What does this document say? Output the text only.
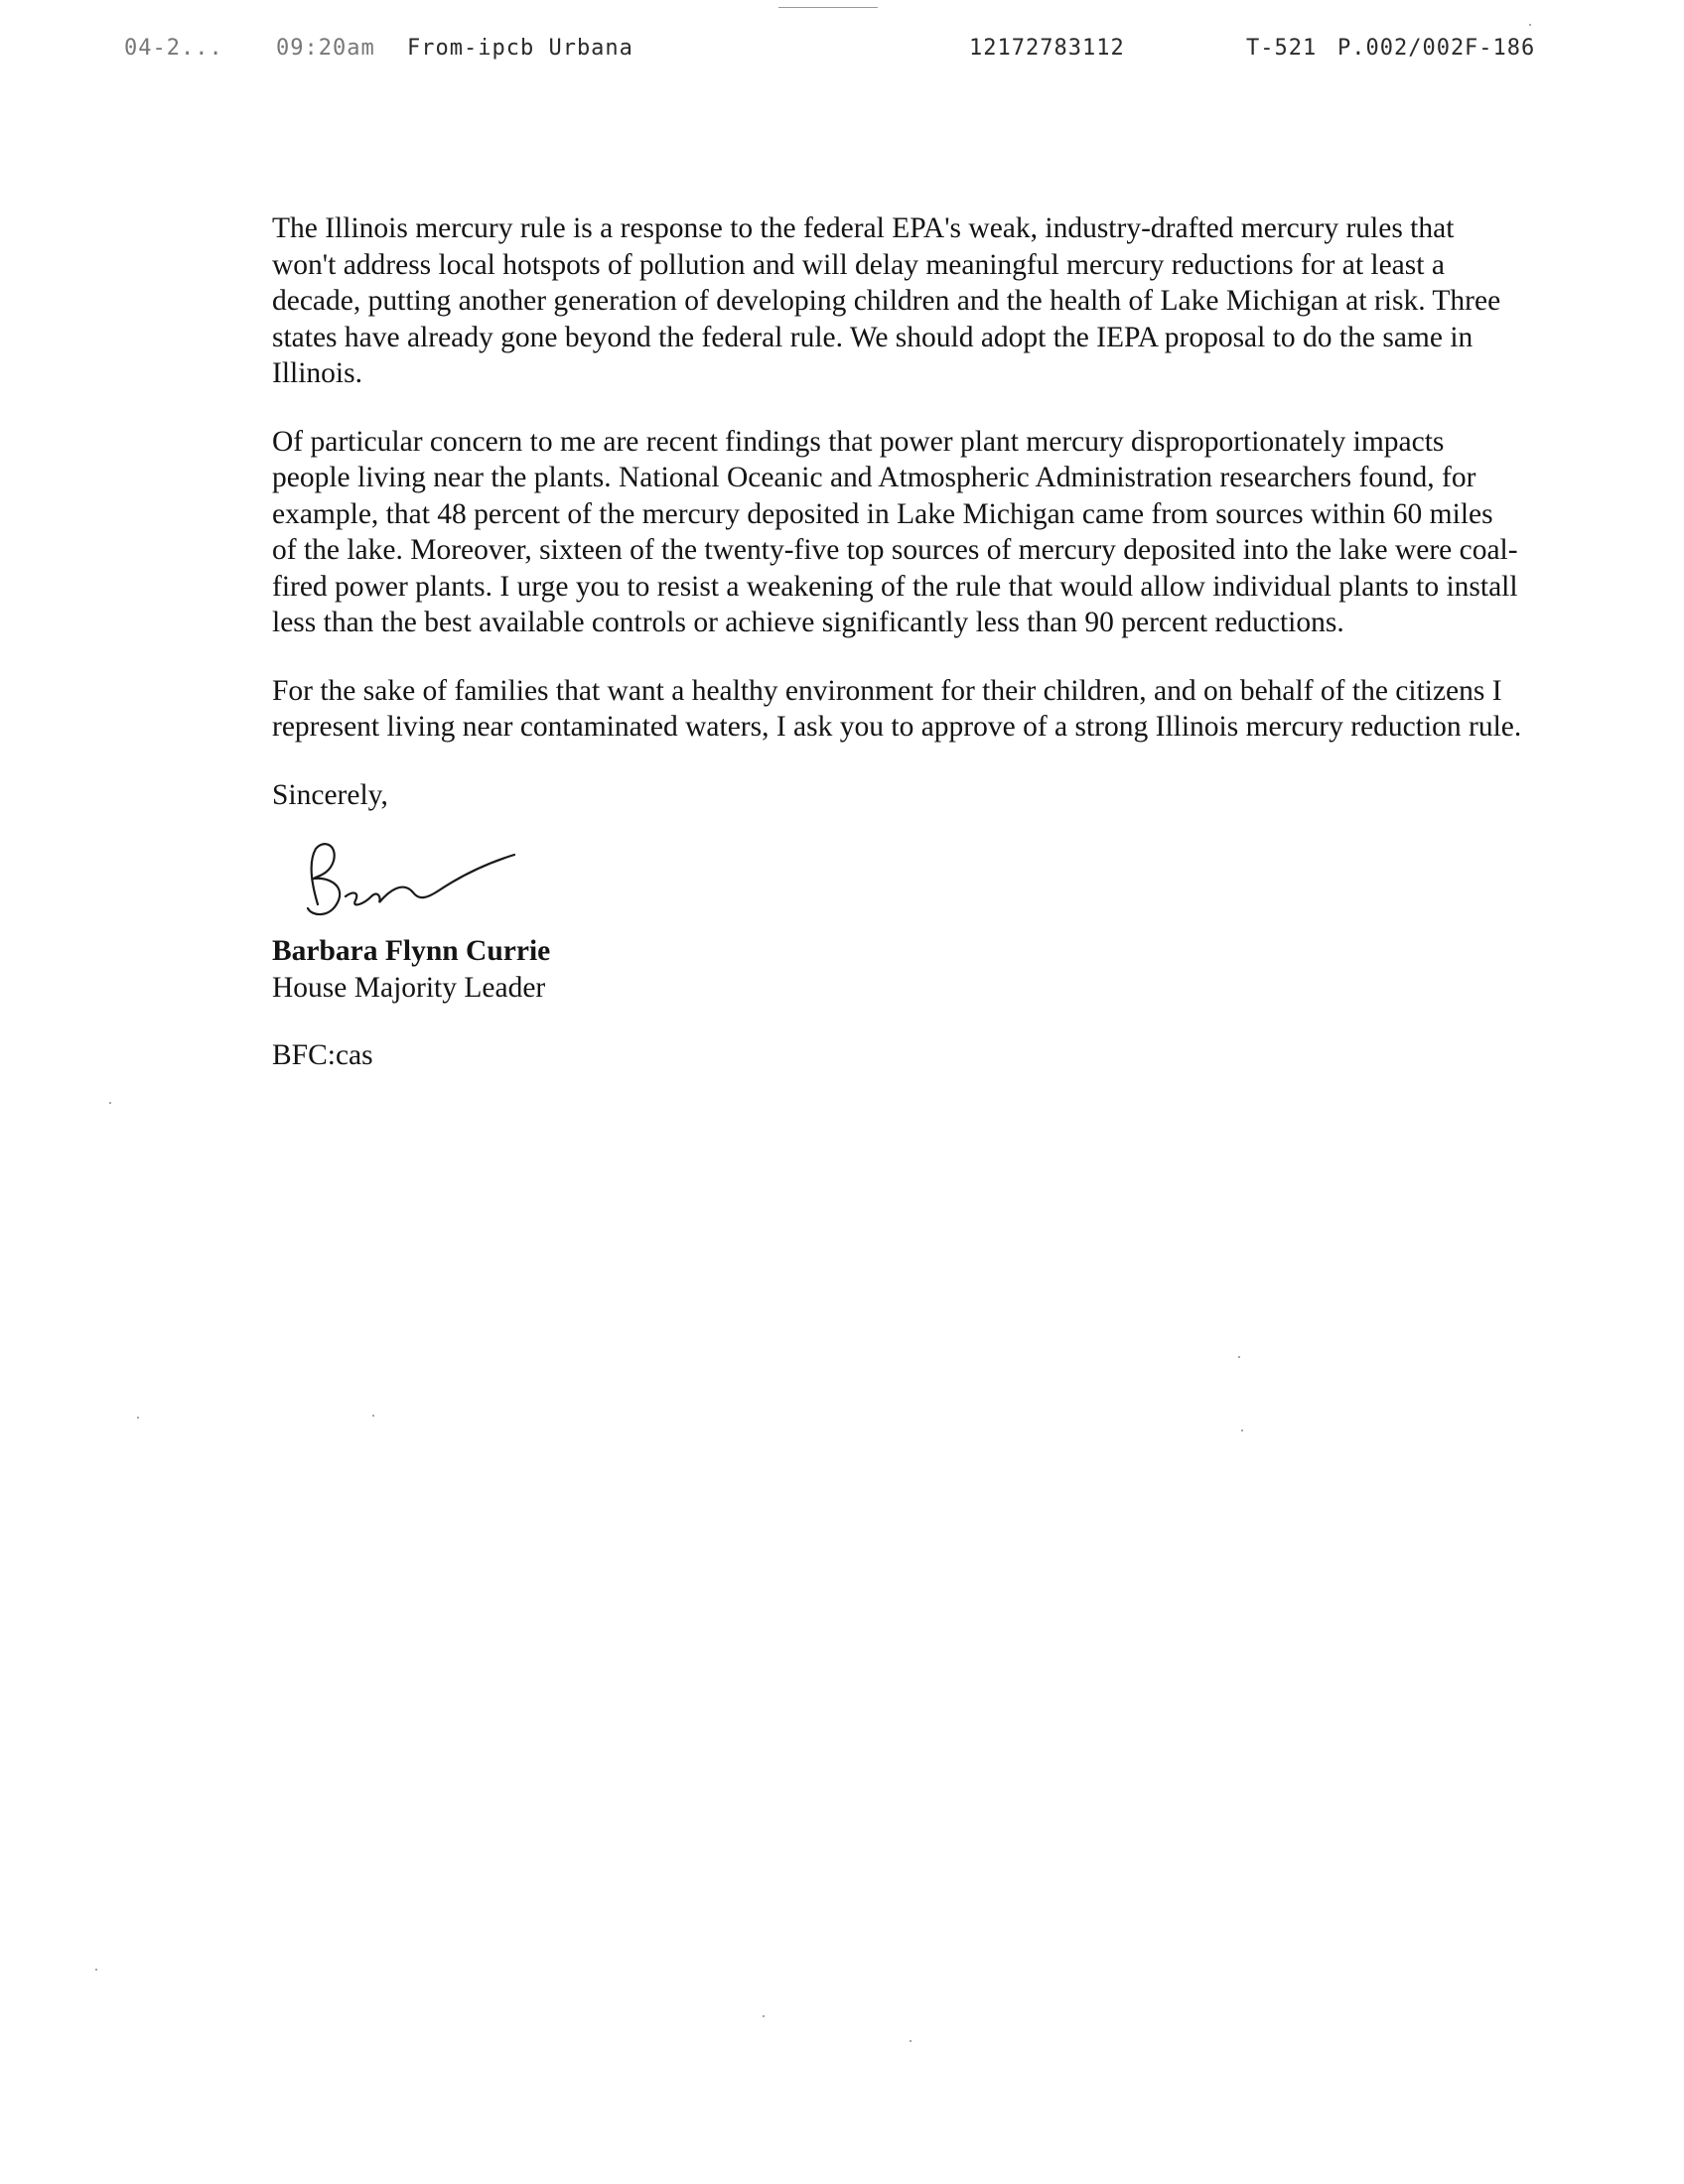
04-2... 09:20am From-ipcb Urbana	12172783112	T-521 P.002/002 F-186

The Illinois mercury rule is a response to the federal EPA's weak, industry-drafted mercury rules that won't address local hotspots of pollution and will delay meaningful mercury reductions for at least a decade, putting another generation of developing children and the health of Lake Michigan at risk. Three states have already gone beyond the federal rule. We should adopt the IEPA proposal to do the same in Illinois.

Of particular concern to me are recent findings that power plant mercury disproportionately impacts people living near the plants. National Oceanic and Atmospheric Administration researchers found, for example, that 48 percent of the mercury deposited in Lake Michigan came from sources within 60 miles of the lake. Moreover, sixteen of the twenty-five top sources of mercury deposited into the lake were coal-fired power plants. I urge you to resist a weakening of the rule that would allow individual plants to install less than the best available controls or achieve significantly less than 90 percent reductions.

For the sake of families that want a healthy environment for their children, and on behalf of the citizens I represent living near contaminated waters, I ask you to approve of a strong Illinois mercury reduction rule.

Sincerely,
Barbara Flynn Currie
House Majority Leader
BFC:cas
